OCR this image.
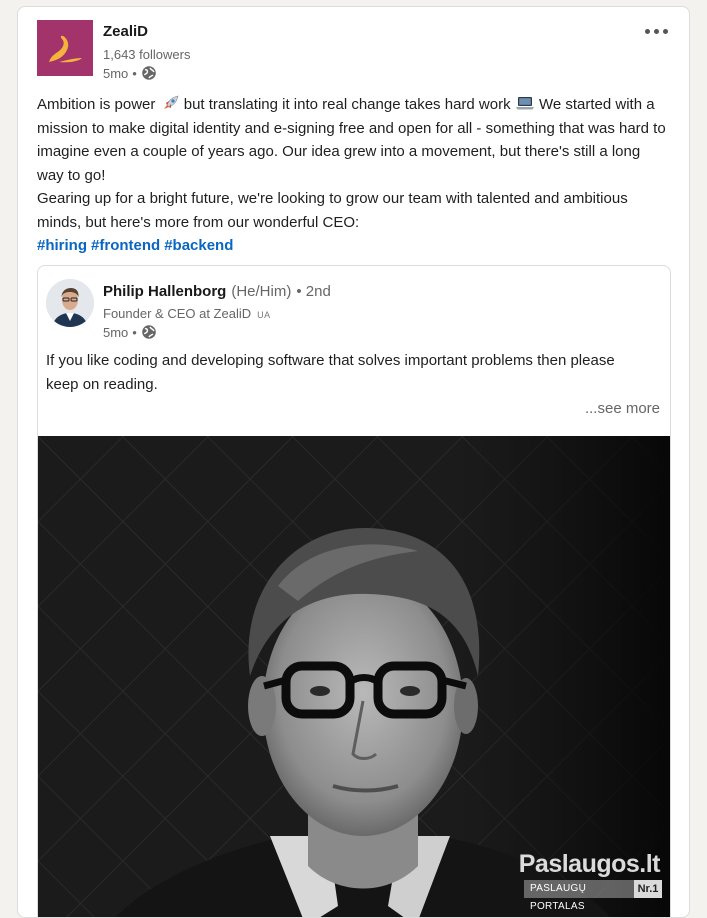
ZealiD
1,643 followers
5mo •

Ambition is power but translating it into real change takes hard work We started with a mission to make digital identity and e-signing free and open for all - something that was hard to imagine even a couple of years ago. Our idea grew into a movement, but there's still a long way to go!

Gearing up for a bright future, we're looking to grow our team with talented and ambitious minds, but here's more from our wonderful CEO:

#hiring #frontend #backend

Philip Hallenborg (He/Him) • 2nd
Founder & CEO at ZealiD UA
5mo •
If you like coding and developing software that solves important problems then please keep on reading.
...see more
Paslaugos.lt
PASLAUGŲ PORTALAS
Nr.1
